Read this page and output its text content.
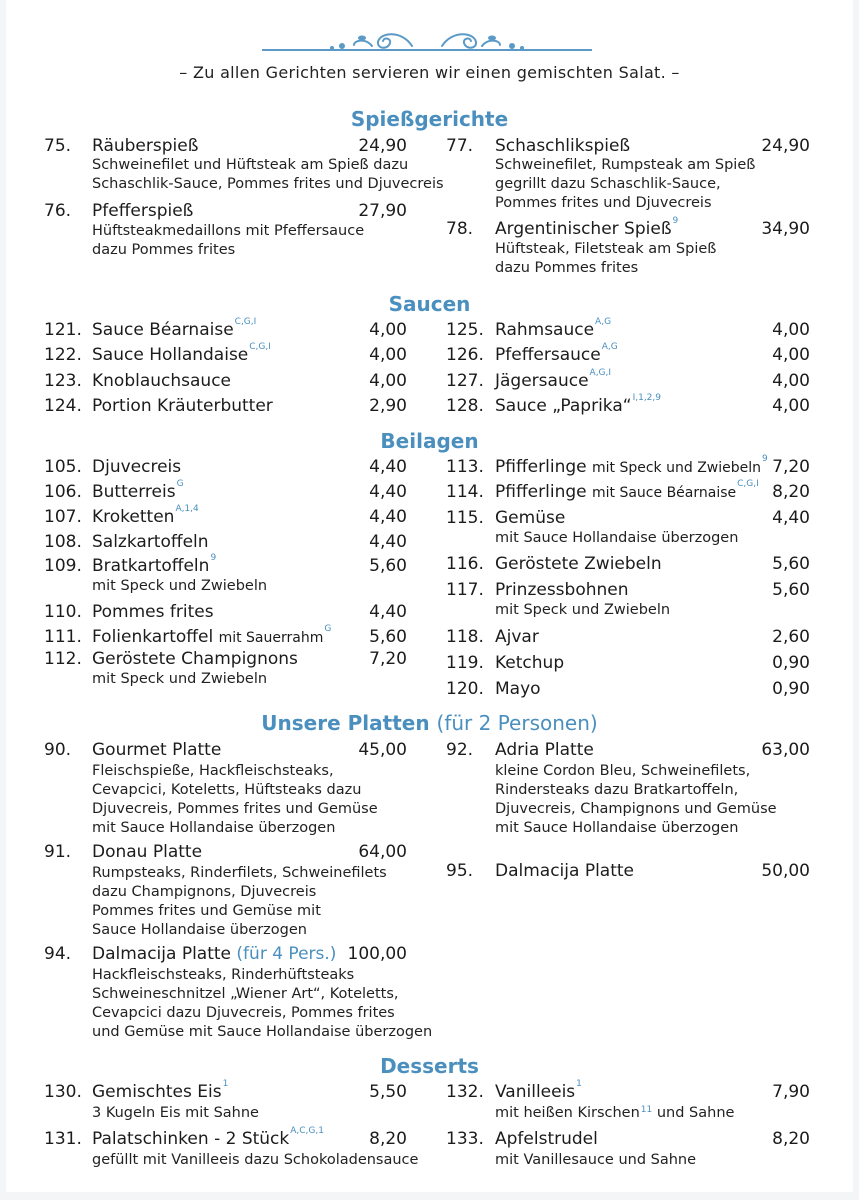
– Zu allen Gerichten servieren wir einen gemischten Salat. –
Spießgerichte
Saucen
Beilagen
Unsere Platten (für 2 Personen)
Desserts
75. Räuberspieß	24,90
Schweinefilet und Hüftsteak am Spieß dazu
Schaschlik-Sauce, Pommes frites und Djuvecreis
76. Pfefferspieß	27,90
Hüftsteakmedaillons mit Pfeffersauce
dazu Pommes frites
77. Schaschlikspieß	24,90
Schweinefilet, Rumpsteak am Spieß
gegrillt dazu Schaschlik-Sauce,
Pommes frites und Djuvecreis
78. Argentinischer Spieß$^9$	34,90
Hüftsteak, Filetsteak am Spieß
dazu Pommes frites
121. Sauce Béarnaise$^{C,G,I}$	4,00
122. Sauce Hollandaise$^{C,G,I}$	4,00
123. Knoblauchsauce	4,00
124. Portion Kräuterbutter	2,90
125. Rahmsauce$^{A,G}$	4,00
126. Pfeffersauce$^{A,G}$	4,00
127. Jägersauce$^{A,G,I}$	4,00
128. Sauce „Paprika“$^{I,1,2,9}$	4,00
105. Djuvecreis	4,40
106. Butterreis$^G$	4,40
107. Kroketten$^{A,1,4}$	4,40
108. Salzkartoffeln	4,40
109. Bratkartoffeln$^9$	5,60
mit Speck und Zwiebeln
110. Pommes frites	4,40
111. Folienkartoffel mit Sauerrahm$^G$	5,60
112. Geröstete Champignons	7,20
mit Speck und Zwiebeln
113. Pfifferlinge mit Speck und Zwiebeln$^9$ 7,20
114. Pfifferlinge mit Sauce Béarnaise$^{C,G,I}$ 8,20
115. Gemüse	4,40
mit Sauce Hollandaise überzogen
116. Geröstete Zwiebeln	5,60
117. Prinzessbohnen	5,60
mit Speck und Zwiebeln
118. Ajvar	2,60
119. Ketchup	0,90
120. Mayo	0,90
90. Gourmet Platte	45,00
Fleischspieße, Hackfleischsteaks,
Cevapcici, Koteletts, Hüftsteaks dazu
Djuvecreis, Pommes frites und Gemüse
mit Sauce Hollandaise überzogen
91. Donau Platte	64,00
Rumpsteaks, Rinderfilets, Schweinefilets
dazu Champignons, Djuvecreis
Pommes frites und Gemüse mit
Sauce Hollandaise überzogen
94. Dalmacija Platte (für 4 Pers.) 100,00
Hackfleischsteaks, Rinderhüftsteaks
Schweineschnitzel „Wiener Art“, Koteletts,
Cevapcici dazu Djuvecreis, Pommes frites
und Gemüse mit Sauce Hollandaise überzogen
92. Adria Platte	63,00
kleine Cordon Bleu, Schweinefilets,
Rindersteaks dazu Bratkartoffeln,
Djuvecreis, Champignons und Gemüse
mit Sauce Hollandaise überzogen
95. Dalmacija Platte	50,00
130. Gemischtes Eis$^1$	5,50
3 Kugeln Eis mit Sahne
131. Palatschinken - 2 Stück$^{A,C,G,1}$	8,20
gefüllt mit Vanilleeis dazu Schokoladensauce
132. Vanilleeis$^1$	7,90
mit heißen Kirschen$^{11}$ und Sahne
133. Apfelstrudel	8,20
mit Vanillesauce und Sahne
